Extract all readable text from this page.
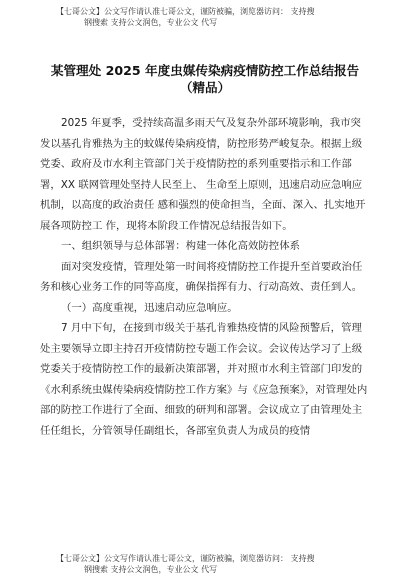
【七哥公文】公文写作请认准七哥公文，谨防被骗，浏览器访问： 支持搜
钢搜索 支持公文润色，专业公文 代写
某管理处 2025 年度虫媒传染病疫情防控工作总结报告
（精品）

2025 年夏季，受持续高温多雨天气及复杂外部环境影响，我市突发以基孔肯雅热为主的蚊媒传染病疫情，防控形势严峻复杂。根据上级党委、政府及市水利主管部门关于疫情防控的系列重要指示和工作部署，XX 联网管理处坚持人民至上、 生命至上原则，迅速启动应急响应机制，以高度的政治责任 感和强烈的使命担当，全面、深入、扎实地开展各项防控工 作，现将本阶段工作情况总结报告如下。

一、组织领导与总体部署：构建一体化高效防控体系

面对突发疫情，管理处第一时间将疫情防控工作提升至首要政治任务和核心业务工作的同等高度，确保指挥有力、行动高效、责任到人。

（一）高度重视，迅速启动应急响应。

7 月中下旬，在接到市级关于基孔肯雅热疫情的风险预警后，管理处主要领导立即主持召开疫情防控专题工作会议。会议传达学习了上级党委关于疫情防控工作的最新决策部署，并对照市水利主管部门印发的《水利系统虫媒传染病疫情防控工作方案》与《应急预案》，对管理处内部的防控工作进行了全面、细致的研判和部署。会议成立了由管理处主任任组长，分管领导任副组长，各部室负责人为成员的疫情

【七哥公文】公文写作请认准七哥公文，谨防被骗，浏览器访问： 支持搜
钢搜索 支持公文润色，专业公文 代写
